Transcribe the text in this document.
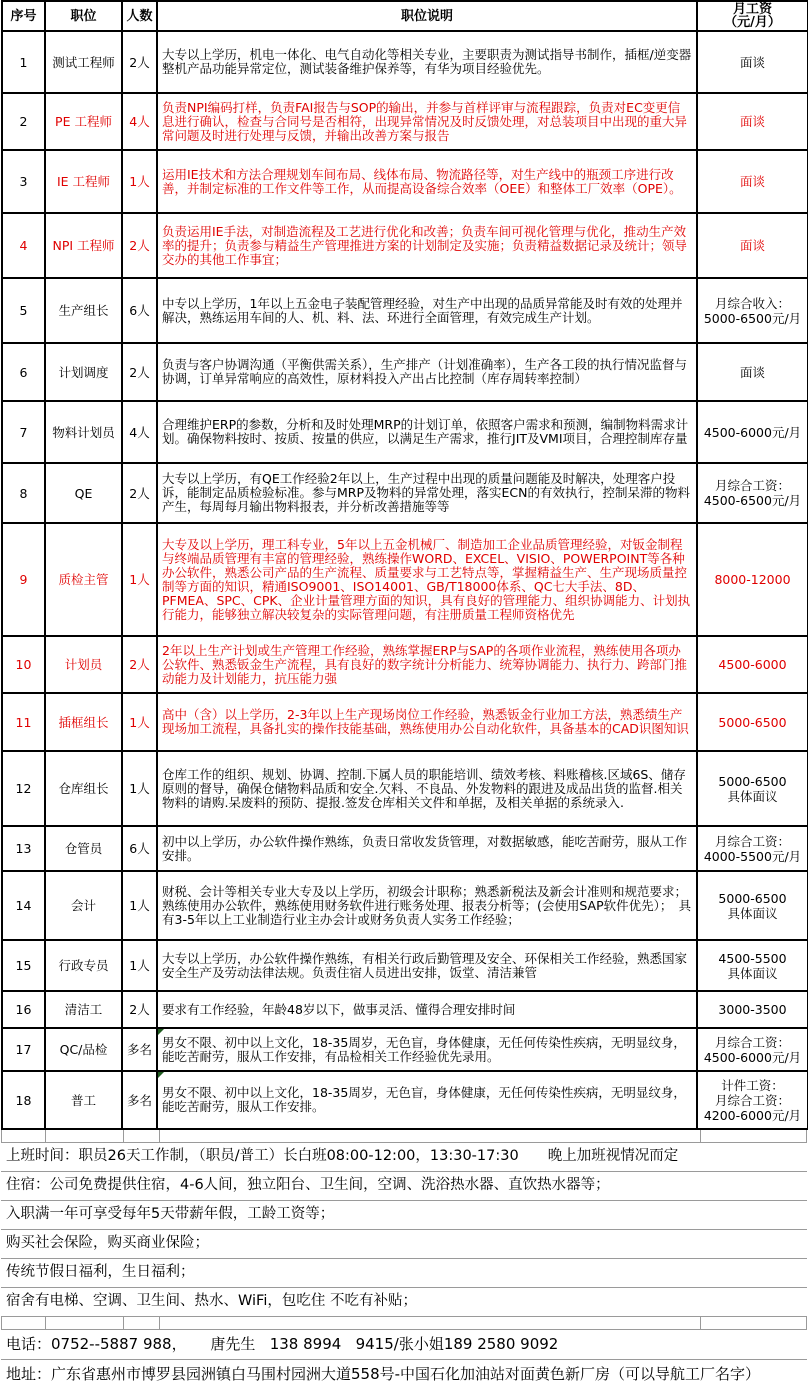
序号	职位	人数	职位说明	月工资
（元/月）

1	测试工程师	2人	大专以上学历，机电一体化、电气自动化等相关专业，主要职责为测试指导书制作，插框/逆变器整机产品功能异常定位，测试装备维护保养等，有华为项目经验优先。	面谈
2	PE 工程师	4人	负责NPI编码打样，负责FAI报告与SOP的输出，并参与首样评审与流程跟踪，负责对EC变更信息进行确认，检查与合同号是否相符，出现异常情况及时反馈处理，对总装项目中出现的重大异常问题及时进行处理与反馈，并输出改善方案与报告	面谈
3	IE 工程师	1人	运用IE技术和方法合理规划车间布局、线体布局、物流路径等，对生产线中的瓶颈工序进行改善，并制定标准的工作文件等工作，从而提高设备综合效率（OEE）和整体工厂效率（OPE）。	面谈
4	NPI 工程师	2人	负责运用IE手法，对制造流程及工艺进行优化和改善；负责车间可视化管理与优化，推动生产效率的提升；负责参与精益生产管理推进方案的计划制定及实施；负责精益数据记录及统计；领导交办的其他工作事宜；	面谈
5	生产组长	6人	中专以上学历，1年以上五金电子装配管理经验，对生产中出现的品质异常能及时有效的处理并解决，熟练运用车间的人、机、料、法、环进行全面管理，有效完成生产计划。	月综合收入：
5000-6500元/月
6	计划调度	2人	负责与客户协调沟通（平衡供需关系），生产排产（计划准确率），生产各工段的执行情况监督与协调，订单异常响应的高效性，原材料投入产出占比控制（库存周转率控制）	面谈
7	物料计划员	4人	合理维护ERP的参数，分析和及时处理MRP的计划订单，依照客户需求和预测，编制物料需求计划。确保物料按时、按质、按量的供应，以满足生产需求，推行JIT及VMI项目，合理控制库存量	4500-6000元/月
8	QE	2人	大专以上学历，有QE工作经验2年以上，生产过程中出现的质量问题能及时解决，处理客户投诉，能制定品质检验标准。参与MRP及物料的异常处理，落实ECN的有效执行，控制呆滞的物料产生，每周每月输出物料报表，并分析改善措施等等	月综合工资：
4500-6500元/月
9	质检主管	1人	大专及以上学历，理工科专业，5年以上五金机械厂、制造加工企业品质管理经验，对钣金制程与终端品质管理有丰富的管理经验，熟练操作WORD、EXCEL、VISIO、POWERPOINT等各种办公软件，熟悉公司产品的生产流程、质量要求与工艺特点等，掌握精益生产、生产现场质量控制等方面的知识，精通ISO9001、ISO14001、GB/T18000体系、QC七大手法、8D、PFMEA、SPC、CPK、企业计量管理方面的知识，具有良好的管理能力、组织协调能力、计划执行能力，能够独立解决较复杂的实际管理问题，有注册质量工程师资格优先	8000-12000
10	计划员	2人	2年以上生产计划或生产管理工作经验，熟练掌握ERP与SAP的各项作业流程，熟练使用各项办公软件、熟悉钣金生产流程，具有良好的数字统计分析能力、统筹协调能力、执行力、跨部门推动能力及计划能力，抗压能力强	4500-6000
11	插框组长	1人	高中（含）以上学历，2-3年以上生产现场岗位工作经验，熟悉钣金行业加工方法，熟悉绩生产现场加工流程，具备扎实的操作技能基础，熟练使用办公自动化软件，具备基本的CAD识图知识	5000-6500
12	仓库组长	1人	仓库工作的组织、规划、协调、控制.下属人员的职能培训、绩效考核、料账稽核.区域6S、储存原则的督导，确保仓储物料品质和安全.欠料、不良品、外发物料的跟进及成品出货的监督.相关物料的请购.呆废料的预防、提报.签发仓库相关文件和单据，及相关单据的系统录入.	5000-6500
具体面议
13	仓管员	6人	初中以上学历，办公软件操作熟练，负责日常收发货管理，对数据敏感，能吃苦耐劳，服从工作安排。	月综合工资：
4000-5500元/月
14	会计	1人	财税、会计等相关专业大专及以上学历，初级会计职称；熟悉新税法及新会计准则和规范要求；熟练使用办公软件，熟练使用财务软件进行账务处理、报表分析等；(会使用SAP软件优先）；　具有3-5年以上工业制造行业主办会计或财务负责人实务工作经验；	5000-6500
具体面议
15	行政专员	1人	大专以上学历，办公软件操作熟练，有相关行政后勤管理及安全、环保相关工作经验，熟悉国家安全生产及劳动法律法规。负责住宿人员进出安排，饭堂、清洁兼管	4500-5500
具体面议
16	清洁工	2人	要求有工作经验，年龄48岁以下，做事灵活、懂得合理安排时间	3000-3500
17	QC/品检	多名	男女不限、初中以上文化，18-35周岁，无色盲，身体健康，无任何传染性疾病，无明显纹身，能吃苦耐劳，服从工作安排，有品检相关工作经验优先录用。	月综合工资：
4500-6000元/月
18	普工	多名	男女不限、初中以上文化，18-35周岁，无色盲，身体健康，无任何传染性疾病，无明显纹身，能吃苦耐劳，服从工作安排。	计件工资：
月综合工资：
4200-6000元/月
上班时间：职员26天工作制，（职员/普工）长白班08:00-12:00，13:30-17:30　　晚上加班视情况而定
住宿：公司免费提供住宿，4-6人间，独立阳台、卫生间，空调、洗浴热水器、直饮热水器等；
入职满一年可享受每年5天带薪年假，工龄工资等；
购买社会保险，购买商业保险；
传统节假日福利，生日福利；
宿舍有电梯、空调、卫生间、热水、WiFi，包吃住 不吃有补贴；
电话：0752--5887 988，     唐先生   138 8994   9415/张小姐189 2580 9092
地址：广东省惠州市博罗县园洲镇白马围村园洲大道558号-中国石化加油站对面黄色新厂房（可以导航工厂名字）
